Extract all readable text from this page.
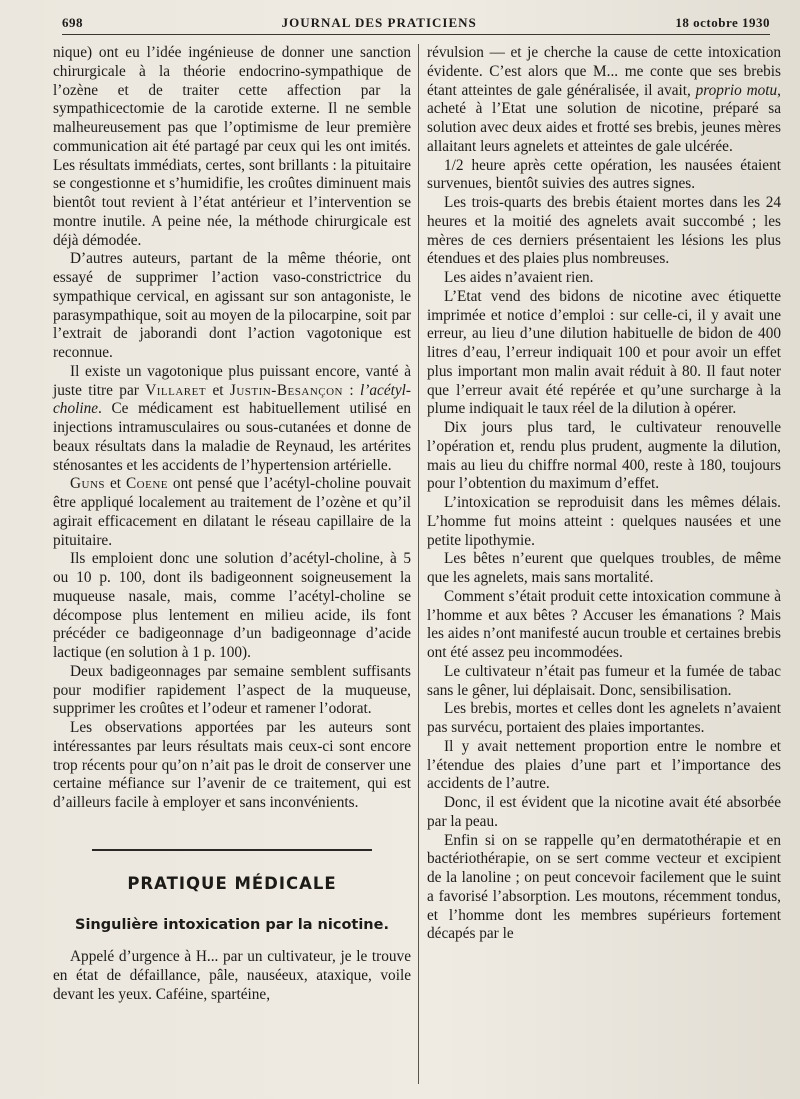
698	JOURNAL DES PRATICIENS	18 octobre 1930

nique) ont eu l’idée ingénieuse de donner une sanction chirurgicale à la théorie endocrino-sympathique de l’ozène et de traiter cette affection par la sympathicectomie de la carotide externe. Il ne semble malheureusement pas que l’optimisme de leur première communication ait été partagé par ceux qui les ont imités. Les résultats immédiats, certes, sont brillants : la pituitaire se congestionne et s’humidifie, les croûtes diminuent mais bientôt tout revient à l’état antérieur et l’intervention se montre inutile. A peine née, la méthode chirurgicale est déjà démodée.

D’autres auteurs, partant de la même théorie, ont essayé de supprimer l’action vaso-constrictrice du sympathique cervical, en agissant sur son antagoniste, le parasympathique, soit au moyen de la pilocarpine, soit par l’extrait de jaborandi dont l’action vagotonique est reconnue.

Il existe un vagotonique plus puissant encore, vanté à juste titre par Villaret et Justin-Besançon : l’acétyl-choline. Ce médicament est habituellement utilisé en injections intramusculaires ou sous-cutanées et donne de beaux résultats dans la maladie de Reynaud, les artérites sténosantes et les accidents de l’hypertension artérielle.

Guns et Coene ont pensé que l’acétyl-choline pouvait être appliqué localement au traitement de l’ozène et qu’il agirait efficacement en dilatant le réseau capillaire de la pituitaire.

Ils emploient donc une solution d’acétyl-choline, à 5 ou 10 p. 100, dont ils badigeonnent soigneusement la muqueuse nasale, mais, comme l’acétyl-choline se décompose plus lentement en milieu acide, ils font précéder ce badigeonnage d’un badigeonnage d’acide lactique (en solution à 1 p. 100).

Deux badigeonnages par semaine semblent suffisants pour modifier rapidement l’aspect de la muqueuse, supprimer les croûtes et l’odeur et ramener l’odorat.

Les observations apportées par les auteurs sont intéressantes par leurs résultats mais ceux-ci sont encore trop récents pour qu’on n’ait pas le droit de conserver une certaine méfiance sur l’avenir de ce traitement, qui est d’ailleurs facile à employer et sans inconvénients.

PRATIQUE MÉDICALE
Singulière intoxication par la nicotine.

Appelé d’urgence à H... par un cultivateur, je le trouve en état de défaillance, pâle, nauséeux, ataxique, voile devant les yeux. Caféine, spartéine,

révulsion — et je cherche la cause de cette intoxication évidente. C’est alors que M... me conte que ses brebis étant atteintes de gale généralisée, il avait, proprio motu, acheté à l’Etat une solution de nicotine, préparé sa solution avec deux aides et frotté ses brebis, jeunes mères allaitant leurs agnelets et atteintes de gale ulcérée.

1/2 heure après cette opération, les nausées étaient survenues, bientôt suivies des autres signes.

Les trois-quarts des brebis étaient mortes dans les 24 heures et la moitié des agnelets avait succombé ; les mères de ces derniers présentaient les lésions les plus étendues et des plaies plus nombreuses.

Les aides n’avaient rien.

L’Etat vend des bidons de nicotine avec étiquette imprimée et notice d’emploi : sur celle-ci, il y avait une erreur, au lieu d’une dilution habituelle de bidon de 400 litres d’eau, l’erreur indiquait 100 et pour avoir un effet plus important mon malin avait réduit à 80. Il faut noter que l’erreur avait été repérée et qu’une surcharge à la plume indiquait le taux réel de la dilution à opérer.

Dix jours plus tard, le cultivateur renouvelle l’opération et, rendu plus prudent, augmente la dilution, mais au lieu du chiffre normal 400, reste à 180, toujours pour l’obtention du maximum d’effet.

L’intoxication se reproduisit dans les mêmes délais. L’homme fut moins atteint : quelques nausées et une petite lipothymie.

Les bêtes n’eurent que quelques troubles, de même que les agnelets, mais sans mortalité.

Comment s’était produit cette intoxication commune à l’homme et aux bêtes ? Accuser les émanations ? Mais les aides n’ont manifesté aucun trouble et certaines brebis ont été assez peu incommodées.

Le cultivateur n’était pas fumeur et la fumée de tabac sans le gêner, lui déplaisait. Donc, sensibilisation.

Les brebis, mortes et celles dont les agnelets n’avaient pas survécu, portaient des plaies importantes.

Il y avait nettement proportion entre le nombre et l’étendue des plaies d’une part et l’importance des accidents de l’autre.

Donc, il est évident que la nicotine avait été absorbée par la peau.

Enfin si on se rappelle qu’en dermatothérapie et en bactériothérapie, on se sert comme vecteur et excipient de la lanoline ; on peut concevoir facilement que le suint a favorisé l’absorption. Les moutons, récemment tondus, et l’homme dont les membres supérieurs fortement décapés par le
